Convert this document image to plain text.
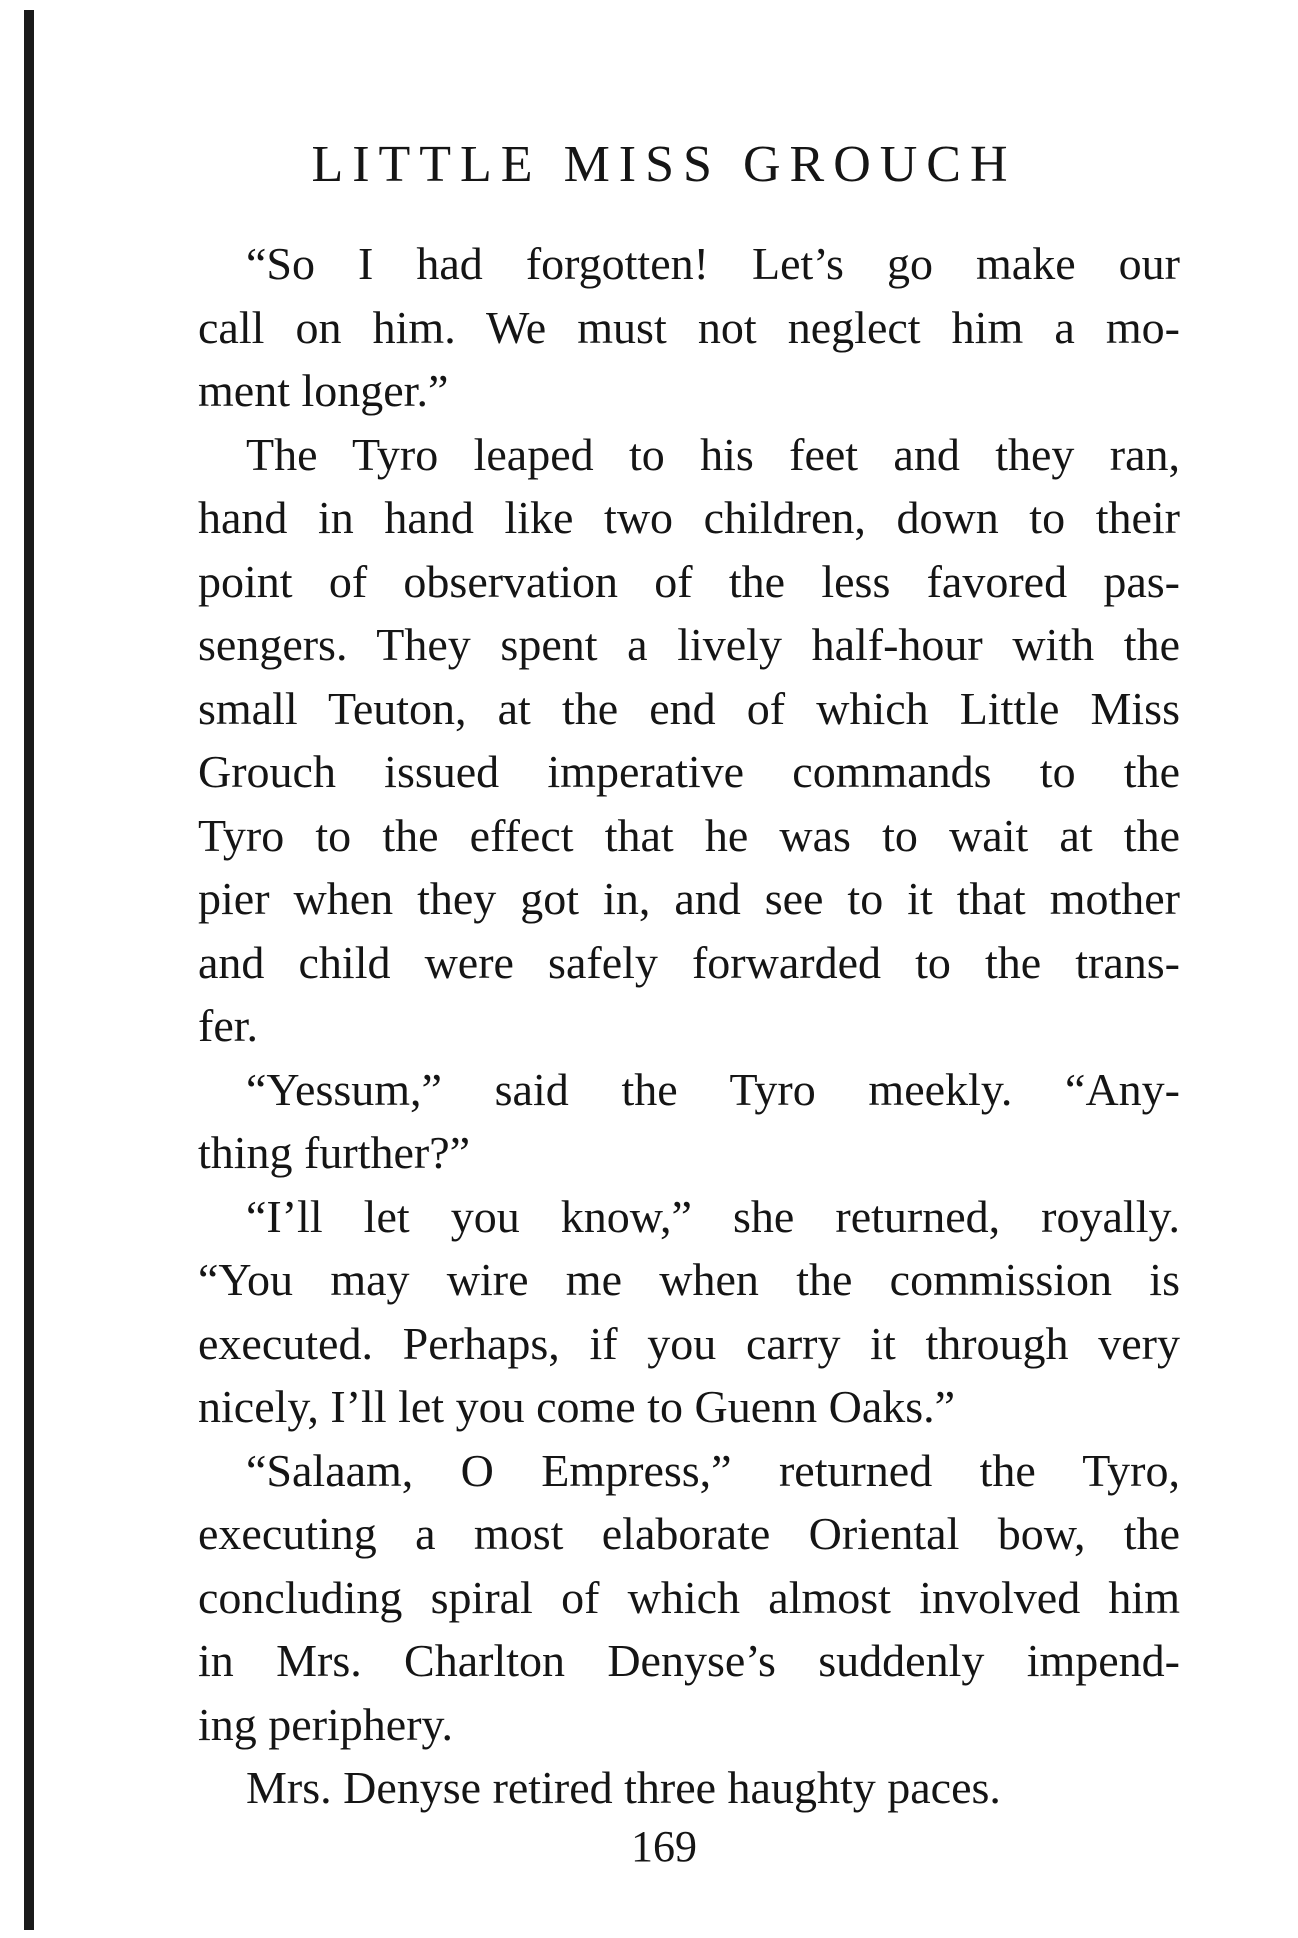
LITTLE MISS GROUCH
“So I had forgotten! Let’s go make our
call on him. We must not neglect him a mo-
ment longer.”
The Tyro leaped to his feet and they ran,
hand in hand like two children, down to their
point of observation of the less favored pas-
sengers. They spent a lively half-hour with the
small Teuton, at the end of which Little Miss
Grouch issued imperative commands to the
Tyro to the effect that he was to wait at the
pier when they got in, and see to it that mother
and child were safely forwarded to the trans-
fer.
“Yessum,” said the Tyro meekly. “Any-
thing further?”
“I’ll let you know,” she returned, royally.
“You may wire me when the commission is
executed. Perhaps, if you carry it through very
nicely, I’ll let you come to Guenn Oaks.”
“Salaam, O Empress,” returned the Tyro,
executing a most elaborate Oriental bow, the
concluding spiral of which almost involved him
in Mrs. Charlton Denyse’s suddenly impend-
ing periphery.
Mrs. Denyse retired three haughty paces.
169
